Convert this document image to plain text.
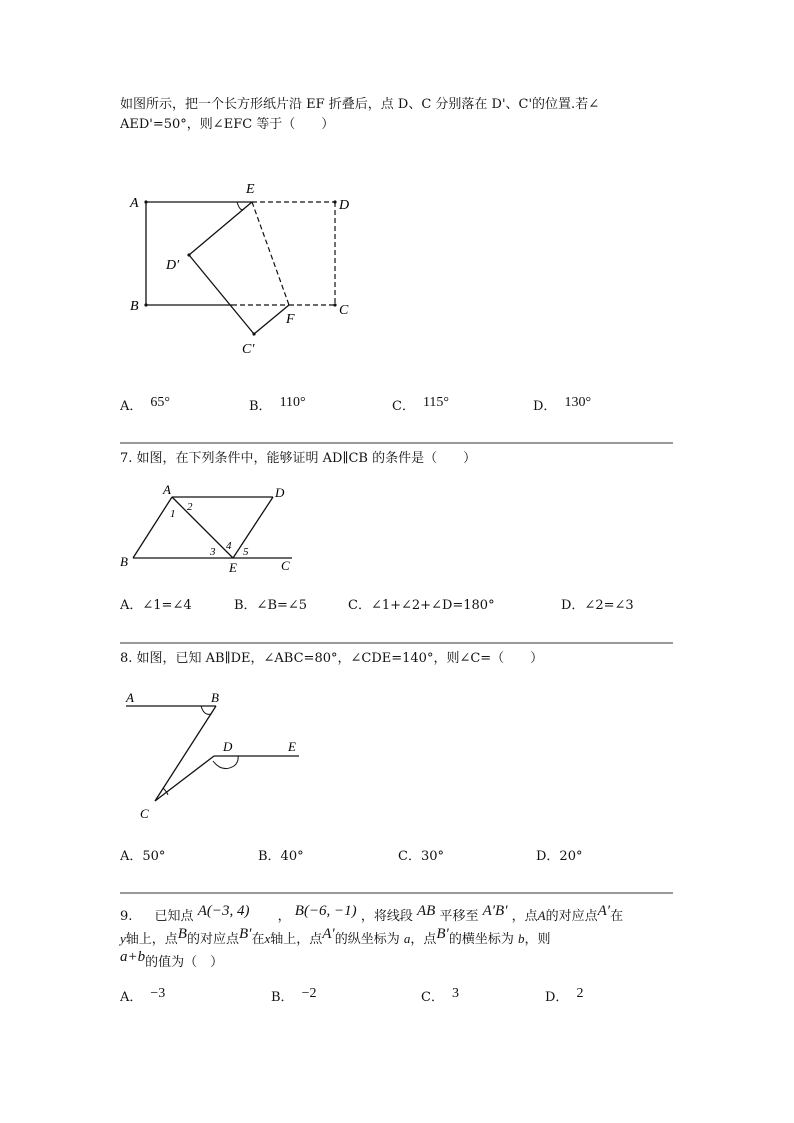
如图所示，把一个长方形纸片沿 EF 折叠后，点 D、C 分别落在 D'、C'的位置.若∠
AED'=50°，则∠EFC 等于（　　）
A
E
D
D′
B
F
C
C′
A． 65°	B． 110°	C． 115°	D． 130°
7. 如图，在下列条件中，能够证明 AD∥CB 的条件是（　　）
A	D
B	E	C
1
2
3 4 5
A．∠1=∠4	B．∠B=∠5	C．∠1+∠2+∠D=180°	D．∠2=∠3
8. 如图，已知 AB∥DE，∠ABC=80°，∠CDE=140°，则∠C=（　　）
A	B
D	E
C
A．50°	B．40°	C．30°	D．20°
9. 已知点 A(−3, 4) ， B(−6, −1) ，将线段 AB 平移至 A′B′ ，点A的对应点A′在
y轴上，点B的对应点B′在x轴上，点A′的纵坐标为 a，点B′的横坐标为 b，则
a+b的值为（　）
A． −3	B． −2	C． 3	D． 2
